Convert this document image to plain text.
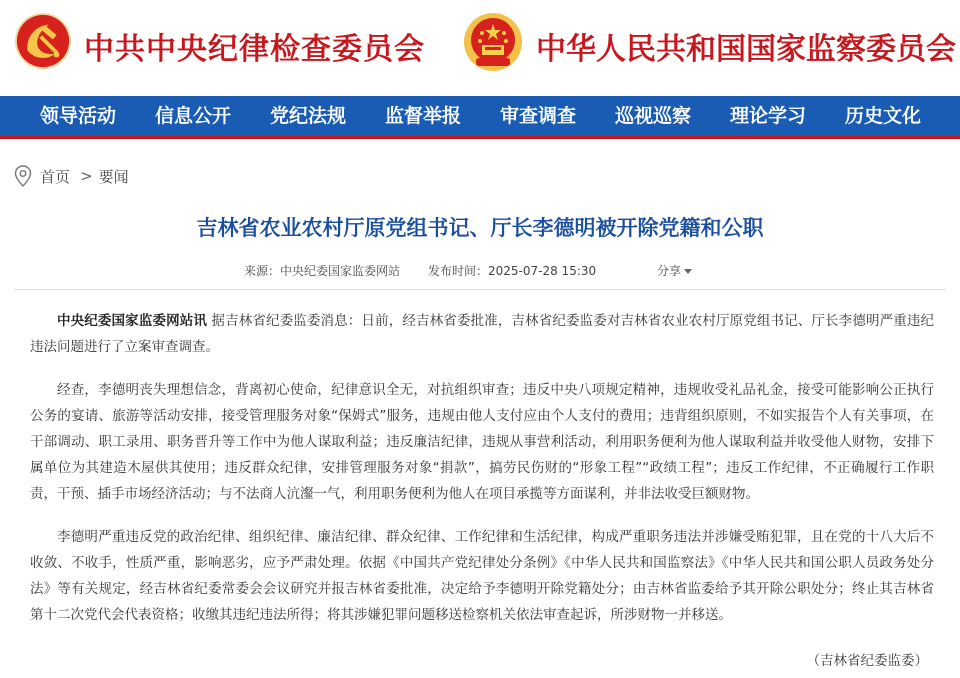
中共中央纪律检查委员会	中华人民共和国国家监察委员会
领导活动 信息公开 党纪法规 监督举报 审查调查 巡视巡察 理论学习 历史文化
首页 > 要闻
吉林省农业农村厅原党组书记、厅长李德明被开除党籍和公职
来源：中央纪委国家监委网站 发布时间：2025-07-28 15:30	分享

中央纪委国家监委网站讯 据吉林省纪委监委消息：日前，经吉林省委批准，吉林省纪委监委对吉林省农业农村厅原党组书记、厅长李德明严重违纪违法问题进行了立案审查调查。

经查，李德明丧失理想信念，背离初心使命，纪律意识全无，对抗组织审查；违反中央八项规定精神，违规收受礼品礼金，接受可能影响公正执行公务的宴请、旅游等活动安排，接受管理服务对象“保姆式”服务，违规由他人支付应由个人支付的费用；违背组织原则，不如实报告个人有关事项，在干部调动、职工录用、职务晋升等工作中为他人谋取利益；违反廉洁纪律，违规从事营利活动，利用职务便利为他人谋取利益并收受他人财物，安排下属单位为其建造木屋供其使用；违反群众纪律，安排管理服务对象“捐款”，搞劳民伤财的“形象工程”“政绩工程”；违反工作纪律，不正确履行工作职责，干预、插手市场经济活动；与不法商人沆瀣一气，利用职务便利为他人在项目承揽等方面谋利，并非法收受巨额财物。

李德明严重违反党的政治纪律、组织纪律、廉洁纪律、群众纪律、工作纪律和生活纪律，构成严重职务违法并涉嫌受贿犯罪，且在党的十八大后不收敛、不收手，性质严重，影响恶劣，应予严肃处理。依据《中国共产党纪律处分条例》《中华人民共和国监察法》《中华人民共和国公职人员政务处分法》等有关规定，经吉林省纪委常委会会议研究并报吉林省委批准，决定给予李德明开除党籍处分；由吉林省监委给予其开除公职处分；终止其吉林省第十二次党代会代表资格；收缴其违纪违法所得；将其涉嫌犯罪问题移送检察机关依法审查起诉，所涉财物一并移送。

（吉林省纪委监委）
